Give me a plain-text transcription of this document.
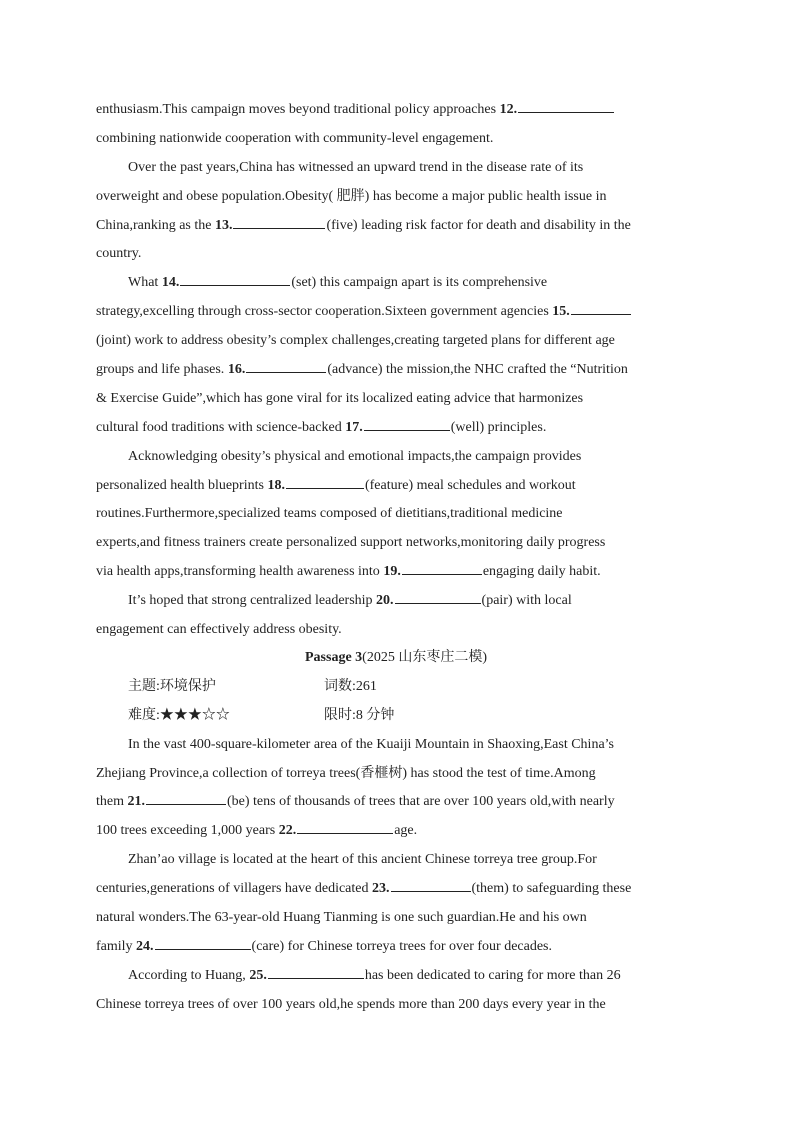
enthusiasm.This campaign moves beyond traditional policy approaches 12.
combining nationwide cooperation with community-level engagement.
Over the past years,China has witnessed an upward trend in the disease rate of its
overweight and obese population.Obesity( 肥胖) has become a major public health issue in
China,ranking as the 13.	(five) leading risk factor for death and disability in the
country.
What 14.	(set) this campaign apart is its comprehensive
strategy,excelling through cross-sector cooperation.Sixteen government agencies 15.
(joint) work to address obesity’s complex challenges,creating targeted plans for different age
groups and life phases. 16.	(advance) the mission,the NHC crafted the “Nutrition
& Exercise Guide”,which has gone viral for its localized eating advice that harmonizes
cultural food traditions with science-backed 17.	(well) principles.
Acknowledging obesity’s physical and emotional impacts,the campaign provides
personalized health blueprints 18.	(feature) meal schedules and workout
routines.Furthermore,specialized teams composed of dietitians,traditional medicine
experts,and fitness trainers create personalized support networks,monitoring daily progress
via health apps,transforming health awareness into 19.	engaging daily habit.
It’s hoped that strong centralized leadership 20.	(pair) with local
engagement can effectively address obesity.
Passage 3(2025 山东枣庄二模)
主题:环境保护	词数:261
难度:★★★☆☆	限时:8 分钟
In the vast 400-square-kilometer area of the Kuaiji Mountain in Shaoxing,East China’s
Zhejiang Province,a collection of torreya trees(香榧树) has stood the test of time.Among
them 21.	(be) tens of thousands of trees that are over 100 years old,with nearly
100 trees exceeding 1,000 years 22.	age.
Zhan’ao village is located at the heart of this ancient Chinese torreya tree group.For
centuries,generations of villagers have dedicated 23.	(them) to safeguarding these
natural wonders.The 63-year-old Huang Tianming is one such guardian.He and his own
family 24.	(care) for Chinese torreya trees for over four decades.
According to Huang, 25.	has been dedicated to caring for more than 26
Chinese torreya trees of over 100 years old,he spends more than 200 days every year in the
